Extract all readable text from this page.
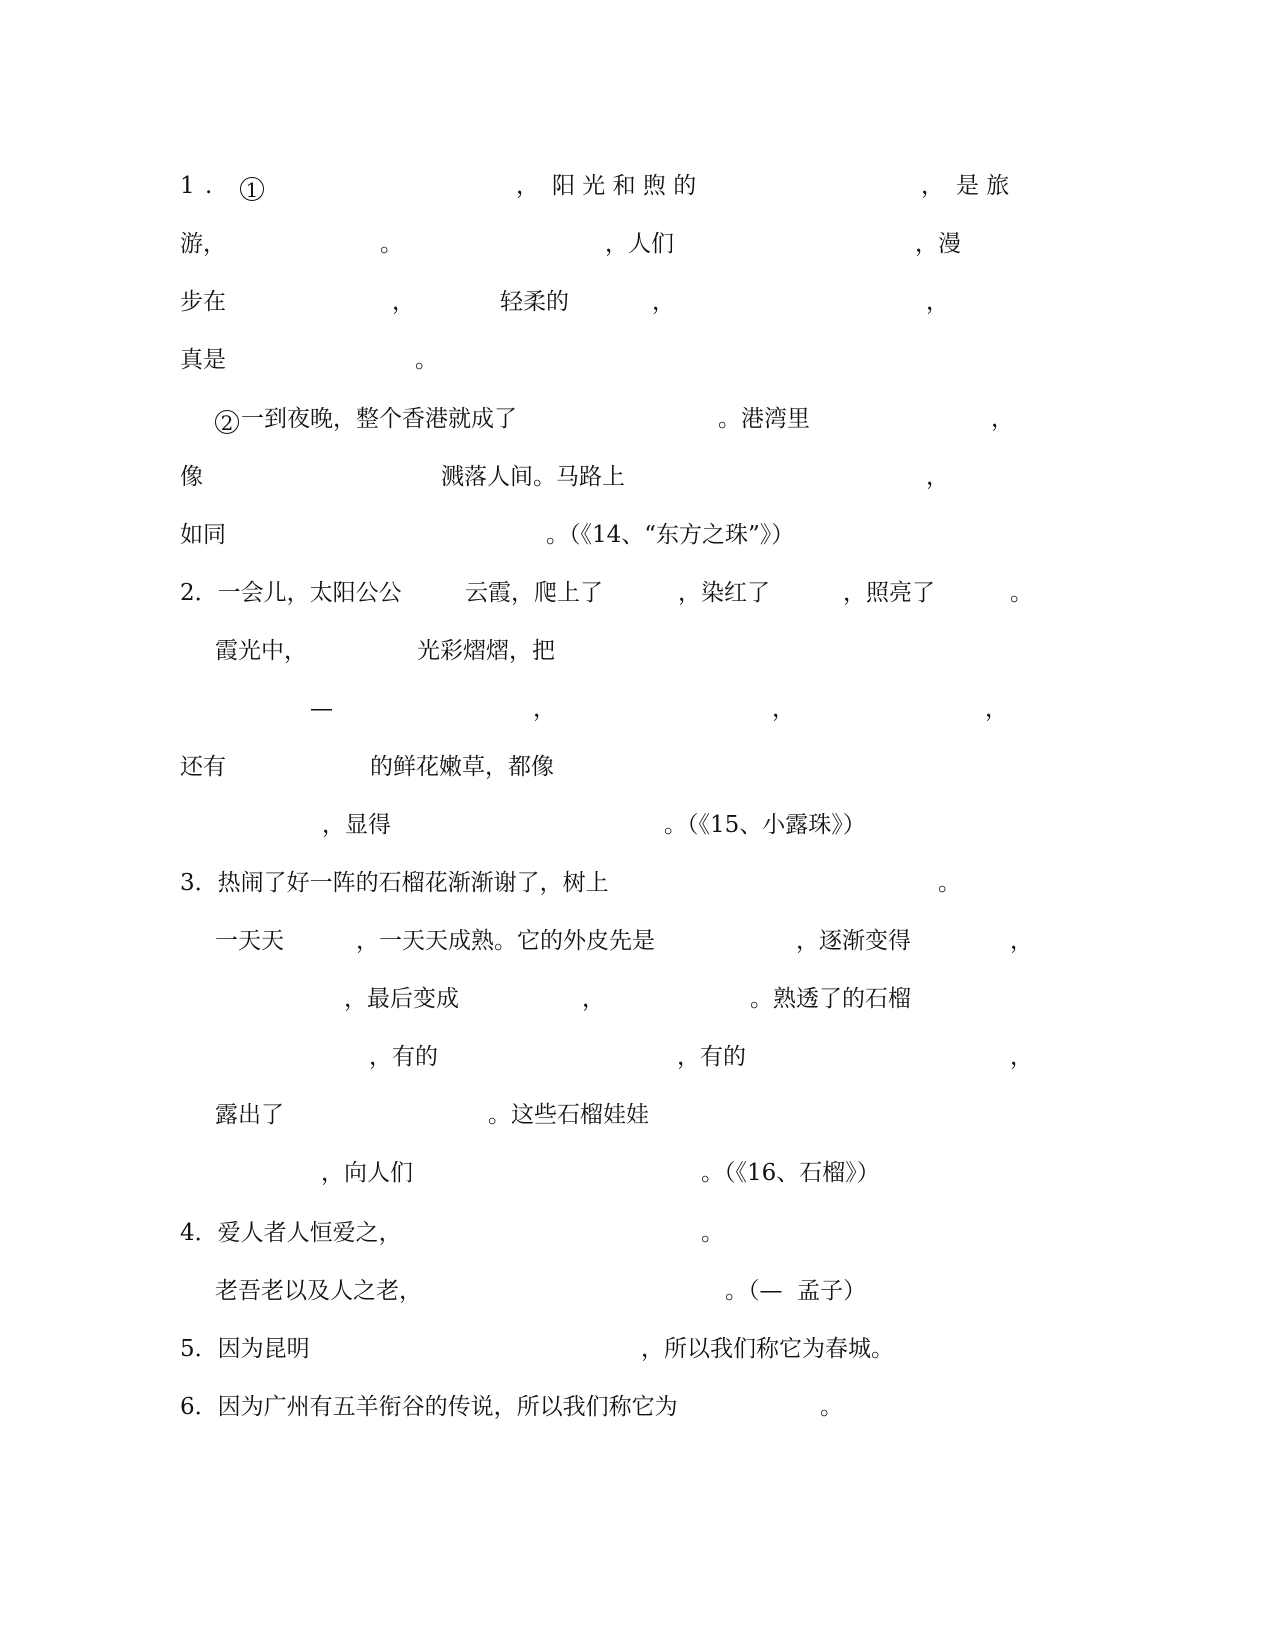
1 . 1	， 阳 光 和 煦 的	， 是 旅
游，	。	，人们	，漫
步在	，	轻柔的	，	，
真是	。
2 一到夜晚，整个香港就成了	。港湾里	，
像	溅落人间。马路上	，
如同	。（《14、“东方之珠”》）
2．一会儿，太阳公公	云霞，爬上了	，染红了	，照亮了	。
霞光中，	光彩熠熠，把
—	，	，	，
还有	的鲜花嫩草，都像
，显得	。（《15、小露珠》）
3．热闹了好一阵的石榴花渐渐谢了，树上	。
一天天	，一天天成熟。它的外皮先是	，逐渐变得	，
，最后变成	，	。熟透了的石榴
，有的	，有的	，
露出了	。这些石榴娃娃
，向人们	。（《16、石榴》）
4．爱人者人恒爱之，	。
老吾老以及人之老，	。（—  孟子）
5．因为昆明	，所以我们称它为春城。
6．因为广州有五羊衔谷的传说，所以我们称它为	。
